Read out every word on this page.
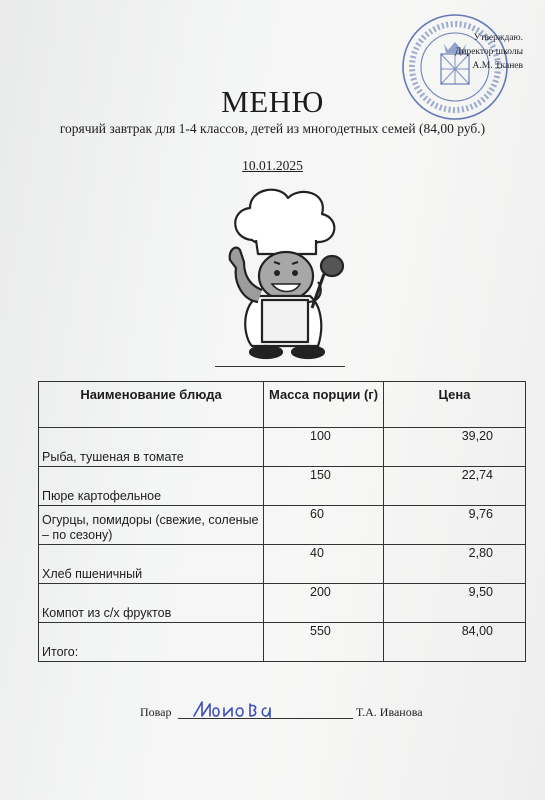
Утверждаю.
Директор школы
А.М. Тканев
МЕНЮ
горячий завтрак для 1-4 классов, детей из многодетных семей (84,00 руб.)
10.01.2025
Наименование блюда	Масса порции (г)	Цена

Рыба, тушеная в томате	100	39,20

Пюре картофельное	150	22,74

Огурцы, помидоры (свежие, соленые – по сезону)	60	9,76

Хлеб пшеничный	40	2,80

Компот из с/х фруктов	200	9,50

Итого:	550	84,00
Повар	Т.А. Иванова
